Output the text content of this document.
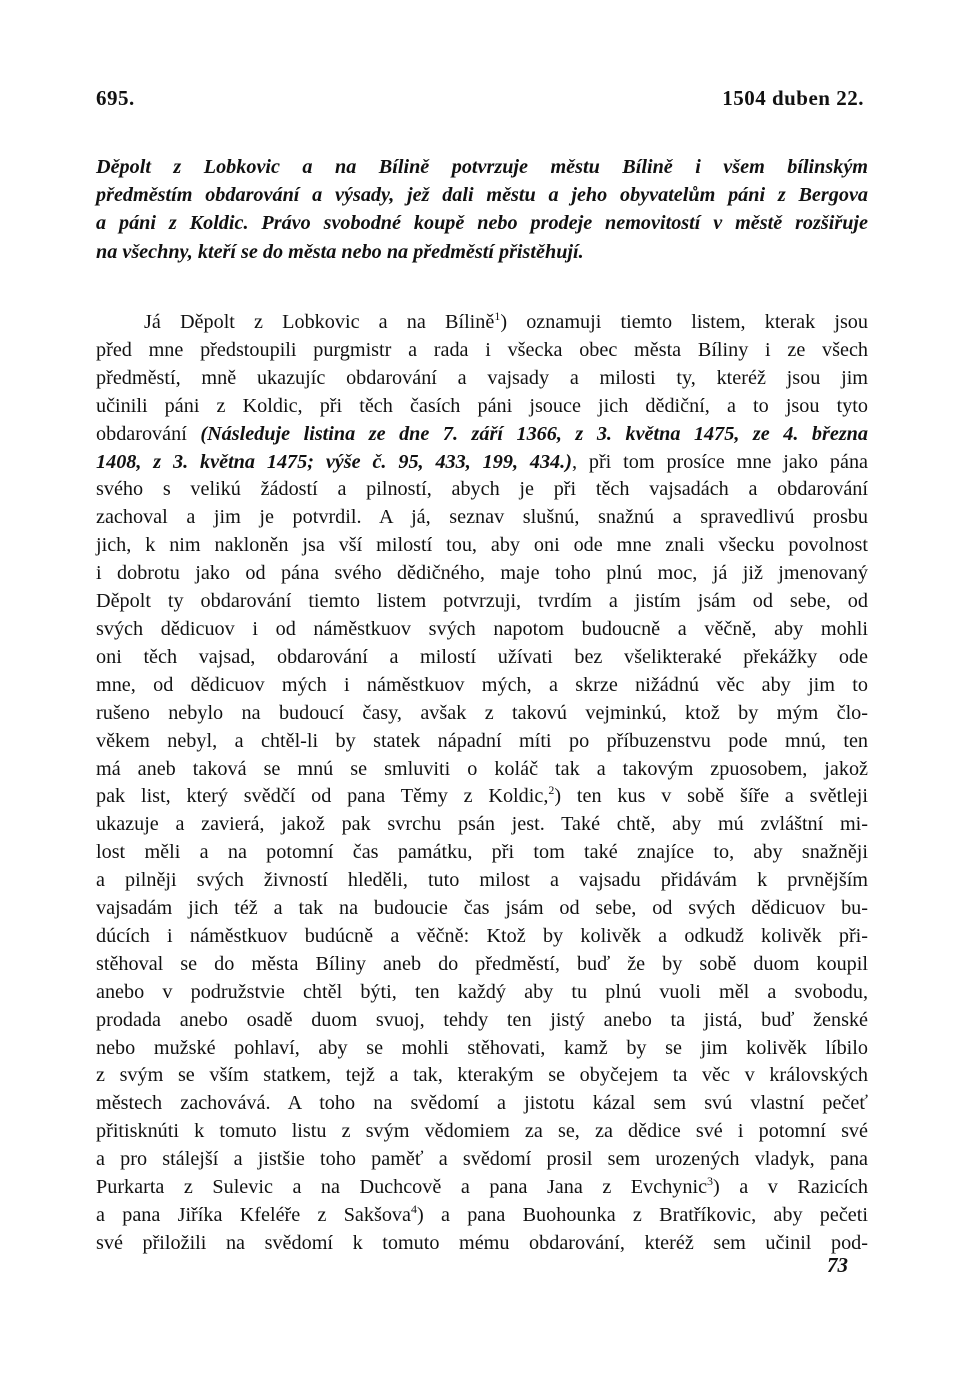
695.	1504 duben 22.
Děpolt z Lobkovic a na Bílině potvrzuje městu Bílině i všem bílinským
předměstím obdarování a výsady, jež dali městu a jeho obyvatelům páni z Bergova
a páni z Koldic. Právo svobodné koupě nebo prodeje nemovitostí v městě rozšiřuje
na všechny, kteří se do města nebo na předměstí přistěhují.
Já Děpolt z Lobkovic a na Bílině$^1$) oznamuji tiemto listem, kterak jsou
před mne předstoupili purgmistr a rada i všecka obec města Bíliny i ze všech
předměstí, mně ukazujíc obdarování a vajsady a milosti ty, kteréž jsou jim
učinili páni z Koldic, při těch časích páni jsouce jich dědiční, a to jsou tyto
obdarování (Následuje listina ze dne 7. září 1366, z 3. května 1475, ze 4. března
1408, z 3. května 1475; výše č. 95, 433, 199, 434.), při tom prosíce mne jako pána
svého s velikú žádostí a pilností, abych je při těch vajsadách a obdarování
zachoval a jim je potvrdil. A já, seznav slušnú, snažnú a spravedlivú prosbu
jich, k nim nakloněn jsa vší milostí tou, aby oni ode mne znali všecku povolnost
i dobrotu jako od pána svého dědičného, maje toho plnú moc, já již jmenovaný
Děpolt ty obdarování tiemto listem potvrzuji, tvrdím a jistím jsám od sebe, od
svých dědicuov i od náměstkuov svých napotom budoucně a věčně, aby mohli
oni těch vajsad, obdarování a milostí užívati bez všelikteraké překážky ode
mne, od dědicuov mých i náměstkuov mých, a skrze nižádnú věc aby jim to
rušeno nebylo na budoucí časy, avšak z takovú vejminkú, ktož by mým člo-
věkem nebyl, a chtěl-li by statek nápadní míti po příbuzenstvu pode mnú, ten
má aneb taková se mnú se smluviti o koláč tak a takovým zpuosobem, jakož
pak list, který svědčí od pana Těmy z Koldic,$^2$) ten kus v sobě šíře a světleji
ukazuje a zavierá, jakož pak svrchu psán jest. Také chtě, aby mú zvláštní mi-
lost měli a na potomní čas památku, při tom také znajíce to, aby snažněji
a pilněji svých živností hleděli, tuto milost a vajsadu přidávám k prvnějším
vajsadám jich též a tak na budoucie čas jsám od sebe, od svých dědicuov bu-
dúcích i náměstkuov budúcně a věčně: Ktož by kolivěk a odkudž kolivěk při-
stěhoval se do města Bíliny aneb do předměstí, buď že by sobě duom koupil
anebo v podružstvie chtěl býti, ten každý aby tu plnú vuoli měl a svobodu,
prodada anebo osadě duom svuoj, tehdy ten jistý anebo ta jistá, buď ženské
nebo mužské pohlaví, aby se mohli stěhovati, kamž by se jim kolivěk líbilo
z svým se vším statkem, tejž a tak, kterakým se obyčejem ta věc v královských
městech zachovává. A toho na svědomí a jistotu kázal sem svú vlastní pečeť
přitisknúti k tomuto listu z svým vědomiem za se, za dědice své i potomní své
a pro stálejší a jistšie toho paměť a svědomí prosil sem urozených vladyk, pana
Purkarta z Sulevic a na Duchcově a pana Jana z Evchynic$^3$) a v Razicích
a pana Jiříka Kfeléře z Sakšova$^4$) a pana Buohounka z Bratříkovic, aby pečeti
své přiložili na svědomí k tomuto mému obdarování, kteréž sem učinil pod-
73
